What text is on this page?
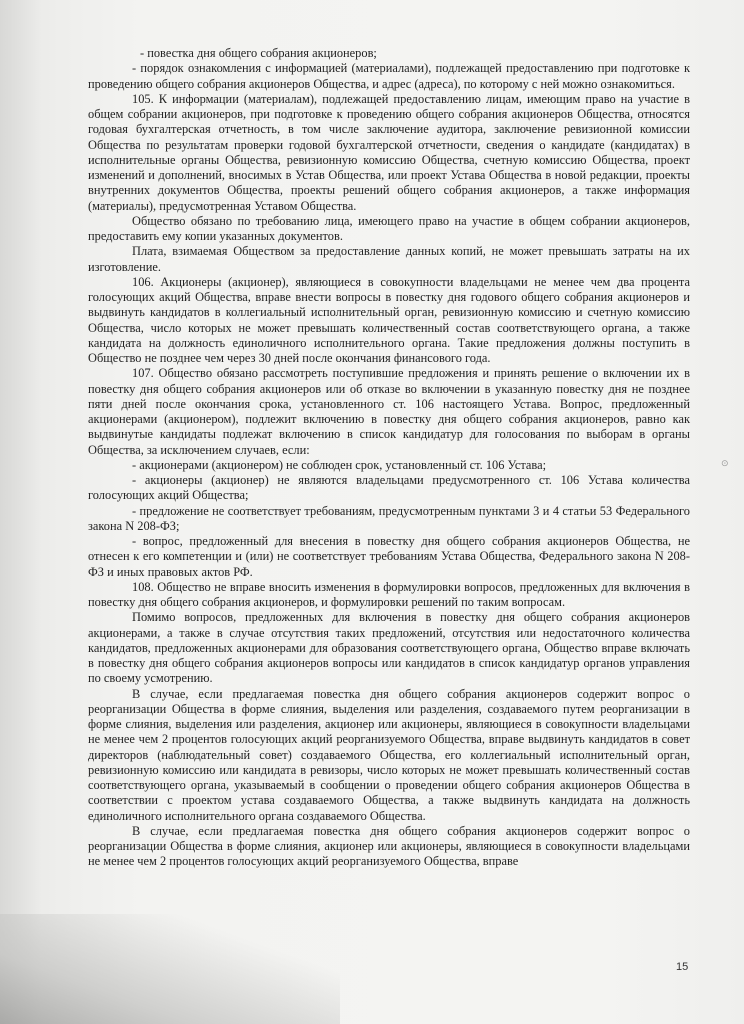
- повестка дня общего собрания акционеров;

- порядок ознакомления с информацией (материалами), подлежащей предоставлению при подготовке к проведению общего собрания акционеров Общества, и адрес (адреса), по которому с ней можно ознакомиться.

105. К информации (материалам), подлежащей предоставлению лицам, имеющим право на участие в общем собрании акционеров, при подготовке к проведению общего собрания акционеров Общества, относятся годовая бухгалтерская отчетность, в том числе заключение аудитора, заключение ревизионной комиссии Общества по результатам проверки годовой бухгалтерской отчетности, сведения о кандидате (кандидатах) в исполнительные органы Общества, ревизионную комиссию Общества, счетную комиссию Общества, проект изменений и дополнений, вносимых в Устав Общества, или проект Устава Общества в новой редакции, проекты внутренних документов Общества, проекты решений общего собрания акционеров, а также информация (материалы), предусмотренная Уставом Общества.

Общество обязано по требованию лица, имеющего право на участие в общем собрании акционеров, предоставить ему копии указанных документов.

Плата, взимаемая Обществом за предоставление данных копий, не может превышать затраты на их изготовление.

106. Акционеры (акционер), являющиеся в совокупности владельцами не менее чем два процента голосующих акций Общества, вправе внести вопросы в повестку дня годового общего собрания акционеров и выдвинуть кандидатов в коллегиальный исполнительный орган, ревизионную комиссию и счетную комиссию Общества, число которых не может превышать количественный состав соответствующего органа, а также кандидата на должность единоличного исполнительного органа. Такие предложения должны поступить в Общество не позднее чем через 30 дней после окончания финансового года.

107. Общество обязано рассмотреть поступившие предложения и принять решение о включении их в повестку дня общего собрания акционеров или об отказе во включении в указанную повестку дня не позднее пяти дней после окончания срока, установленного ст. 106 настоящего Устава. Вопрос, предложенный акционерами (акционером), подлежит включению в повестку дня общего собрания акционеров, равно как выдвинутые кандидаты подлежат включению в список кандидатур для голосования по выборам в органы Общества, за исключением случаев, если:

- акционерами (акционером) не соблюден срок, установленный ст. 106 Устава;

- акционеры (акционер) не являются владельцами предусмотренного ст. 106 Устава количества голосующих акций Общества;

- предложение не соответствует требованиям, предусмотренным пунктами 3 и 4 статьи 53 Федерального закона N 208-ФЗ;

- вопрос, предложенный для внесения в повестку дня общего собрания акционеров Общества, не отнесен к его компетенции и (или) не соответствует требованиям Устава Общества, Федерального закона N 208-ФЗ и иных правовых актов РФ.

108. Общество не вправе вносить изменения в формулировки вопросов, предложенных для включения в повестку дня общего собрания акционеров, и формулировки решений по таким вопросам.

Помимо вопросов, предложенных для включения в повестку дня общего собрания акционеров акционерами, а также в случае отсутствия таких предложений, отсутствия или недостаточного количества кандидатов, предложенных акционерами для образования соответствующего органа, Общество вправе включать в повестку дня общего собрания акционеров вопросы или кандидатов в список кандидатур органов управления по своему усмотрению.

В случае, если предлагаемая повестка дня общего собрания акционеров содержит вопрос о реорганизации Общества в форме слияния, выделения или разделения, создаваемого путем реорганизации в форме слияния, выделения или разделения, акционер или акционеры, являющиеся в совокупности владельцами не менее чем 2 процентов голосующих акций реорганизуемого Общества, вправе выдвинуть кандидатов в совет директоров (наблюдательный совет) создаваемого Общества, его коллегиальный исполнительный орган, ревизионную комиссию или кандидата в ревизоры, число которых не может превышать количественный состав соответствующего органа, указываемый в сообщении о проведении общего собрания акционеров Общества в соответствии с проектом устава создаваемого Общества, а также выдвинуть кандидата на должность единоличного исполнительного органа создаваемого Общества.

В случае, если предлагаемая повестка дня общего собрания акционеров содержит вопрос о реорганизации Общества в форме слияния, акционер или акционеры, являющиеся в совокупности владельцами не менее чем 2 процентов голосующих акций реорганизуемого Общества, вправе

⊙
15
